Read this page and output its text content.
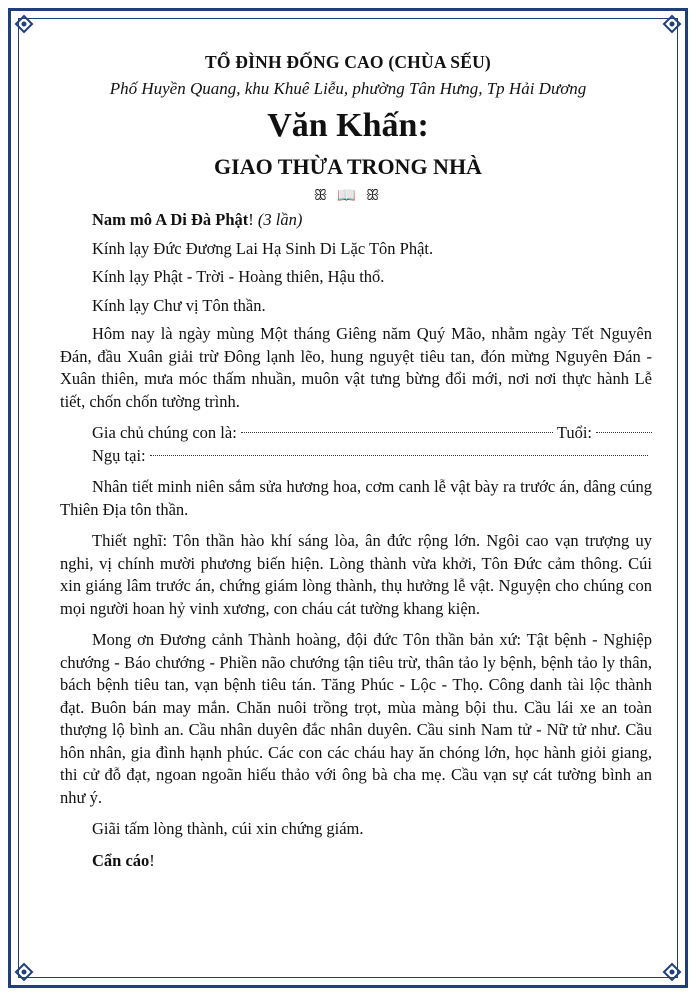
TỔ ĐÌNH ĐỐNG CAO (CHÙA SẾU)
Phố Huyền Quang, khu Khuê Liễu, phường Tân Hưng, Tp Hải Dương
Văn Khấn:
GIAO THỪA TRONG NHÀ
ꕥ 📖 ꕥ

Nam mô A Di Đà Phật! (3 lần)

Kính lạy Đức Đương Lai Hạ Sinh Di Lặc Tôn Phật.

Kính lạy Phật - Trời - Hoàng thiên, Hậu thổ.

Kính lạy Chư vị Tôn thần.

Hôm nay là ngày mùng Một tháng Giêng năm Quý Mão, nhằm ngày Tết Nguyên Đán, đầu Xuân giải trừ Đông lạnh lẽo, hung nguyệt tiêu tan, đón mừng Nguyên Đán - Xuân thiên, mưa móc thấm nhuần, muôn vật tưng bừng đổi mới, nơi nơi thực hành Lễ tiết, chốn chốn tường trình.

Gia chủ chúng con là:	Tuổi:
Ngụ tại:

Nhân tiết minh niên sắm sửa hương hoa, cơm canh lễ vật bày ra trước án, dâng cúng Thiên Địa tôn thần.

Thiết nghĩ: Tôn thần hào khí sáng lòa, ân đức rộng lớn. Ngôi cao vạn trượng uy nghi, vị chính mười phương biến hiện. Lòng thành vừa khởi, Tôn Đức cảm thông. Cúi xin giáng lâm trước án, chứng giám lòng thành, thụ hưởng lễ vật. Nguyện cho chúng con mọi người hoan hỷ vinh xương, con cháu cát tường khang kiện.

Mong ơn Đương cảnh Thành hoàng, đội đức Tôn thần bản xứ: Tật bệnh - Nghiệp chướng - Báo chướng - Phiền não chướng tận tiêu trừ, thân tảo ly bệnh, bệnh tảo ly thân, bách bệnh tiêu tan, vạn bệnh tiêu tán. Tăng Phúc - Lộc - Thọ. Công danh tài lộc thành đạt. Buôn bán may mắn. Chăn nuôi trồng trọt, mùa màng bội thu. Cầu lái xe an toàn thượng lộ bình an. Cầu nhân duyên đắc nhân duyên. Cầu sinh Nam tử - Nữ tử như. Cầu hôn nhân, gia đình hạnh phúc. Các con các cháu hay ăn chóng lớn, học hành giỏi giang, thi cử đỗ đạt, ngoan ngoãn hiếu thảo với ông bà cha mẹ. Cầu vạn sự cát tường bình an như ý.

Giãi tấm lòng thành, cúi xin chứng giám.

Cẩn cáo!
